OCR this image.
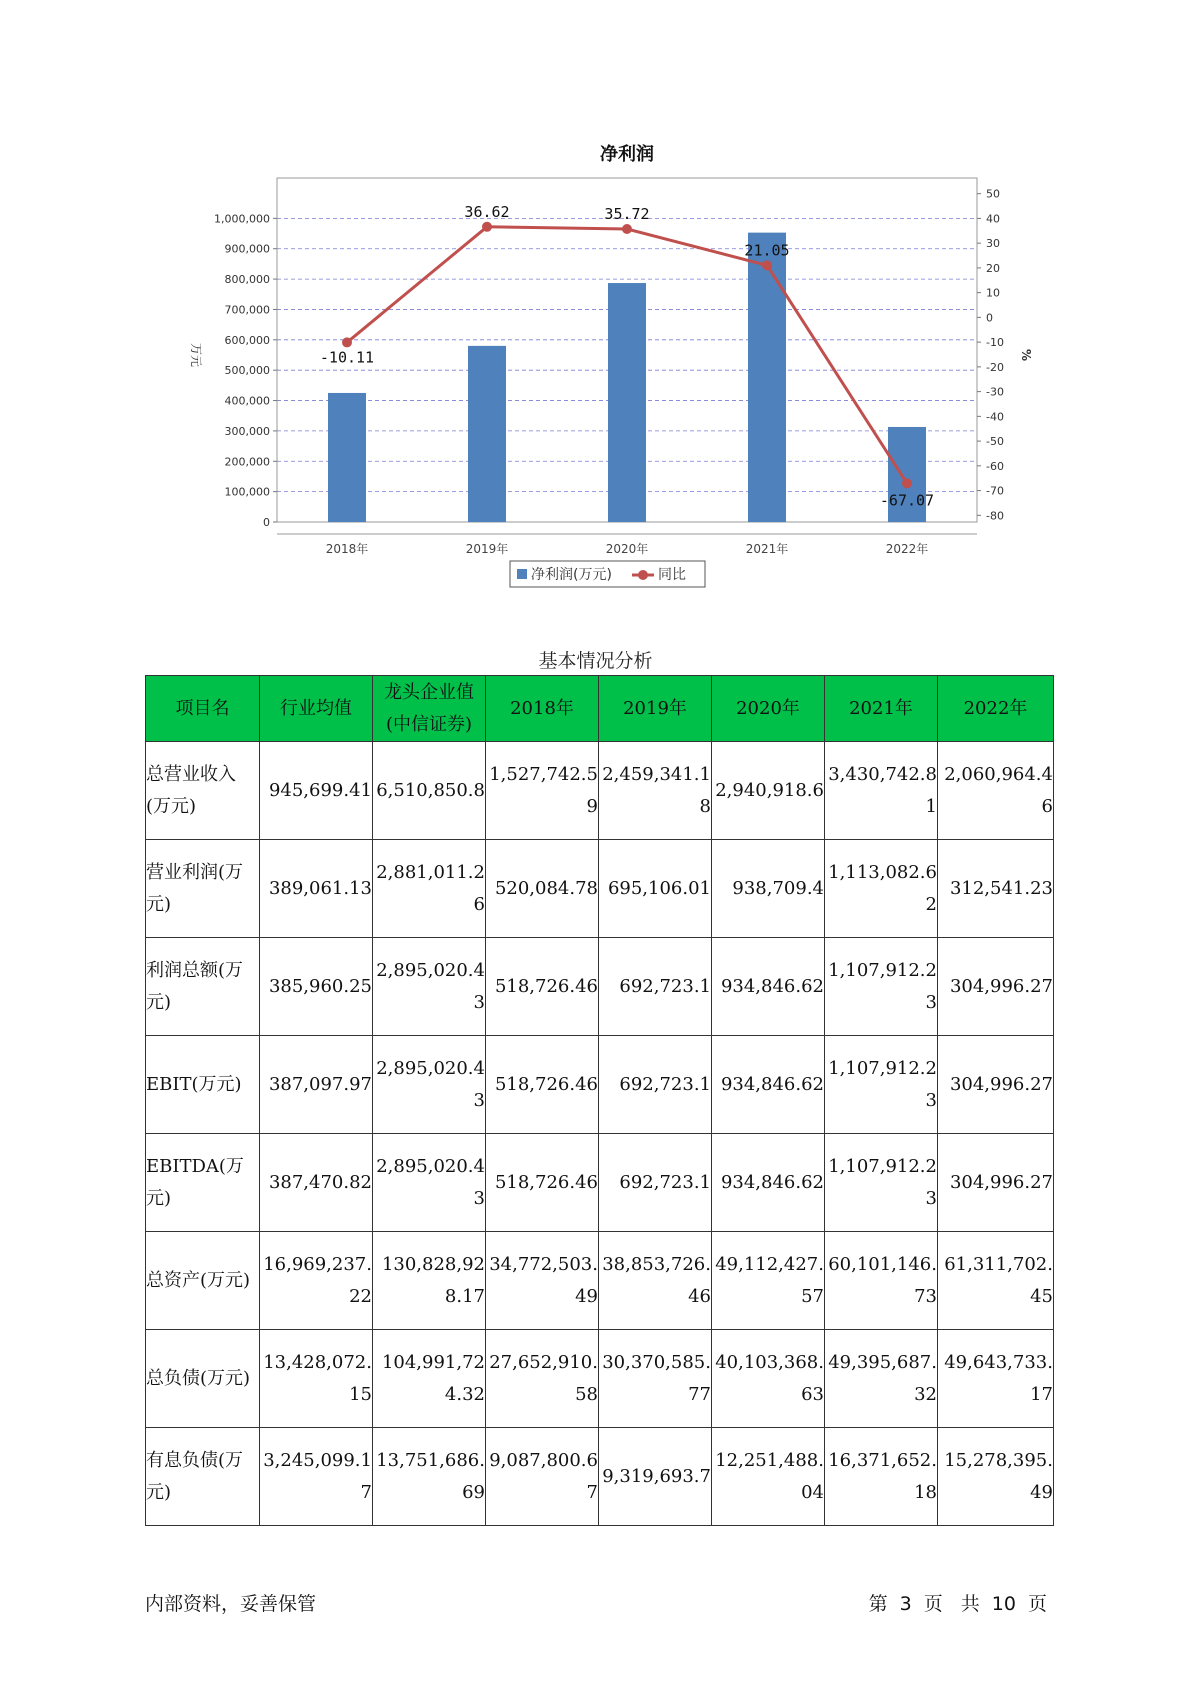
净利润
0
100,000
200,000
300,000
400,000
500,000
600,000
700,000
800,000
900,000
1,000,000
-80
-70
-60
-50
-40
-30
-20
-10
0
10
20
30
40
50
万元	%
2018年	2019年	2020年	2021年	2022年
-10.11
36.62	35.72
21.05
-67.07
净利润(万元)	同比
基本情况分析
项目名	行业均值	龙头企业值(中信证券)	2018年	2019年	2020年	2021年	2022年
总营业收入(万元)	945,699.41	6,510,850.8	1,527,742.59	2,459,341.18	2,940,918.6	3,430,742.81	2,060,964.46
营业利润(万元)	389,061.13	2,881,011.26	520,084.78	695,106.01	938,709.4	1,113,082.62	312,541.23
利润总额(万元)	385,960.25	2,895,020.43	518,726.46	692,723.1	934,846.62	1,107,912.23	304,996.27
EBIT(万元)	387,097.97	2,895,020.43	518,726.46	692,723.1	934,846.62	1,107,912.23	304,996.27
EBITDA(万元)	387,470.82	2,895,020.43	518,726.46	692,723.1	934,846.62	1,107,912.23	304,996.27
总资产(万元)	16,969,237.22	130,828,928.17	34,772,503.49	38,853,726.46	49,112,427.57	60,101,146.73	61,311,702.45
总负债(万元)	13,428,072.15	104,991,724.32	27,652,910.58	30,370,585.77	40,103,368.63	49,395,687.32	49,643,733.17
有息负债(万元)	3,245,099.17	13,751,686.69	9,087,800.67	9,319,693.7	12,251,488.04	16,371,652.18	15,278,395.49
内部资料，妥善保管	第 3 页 共 10 页
